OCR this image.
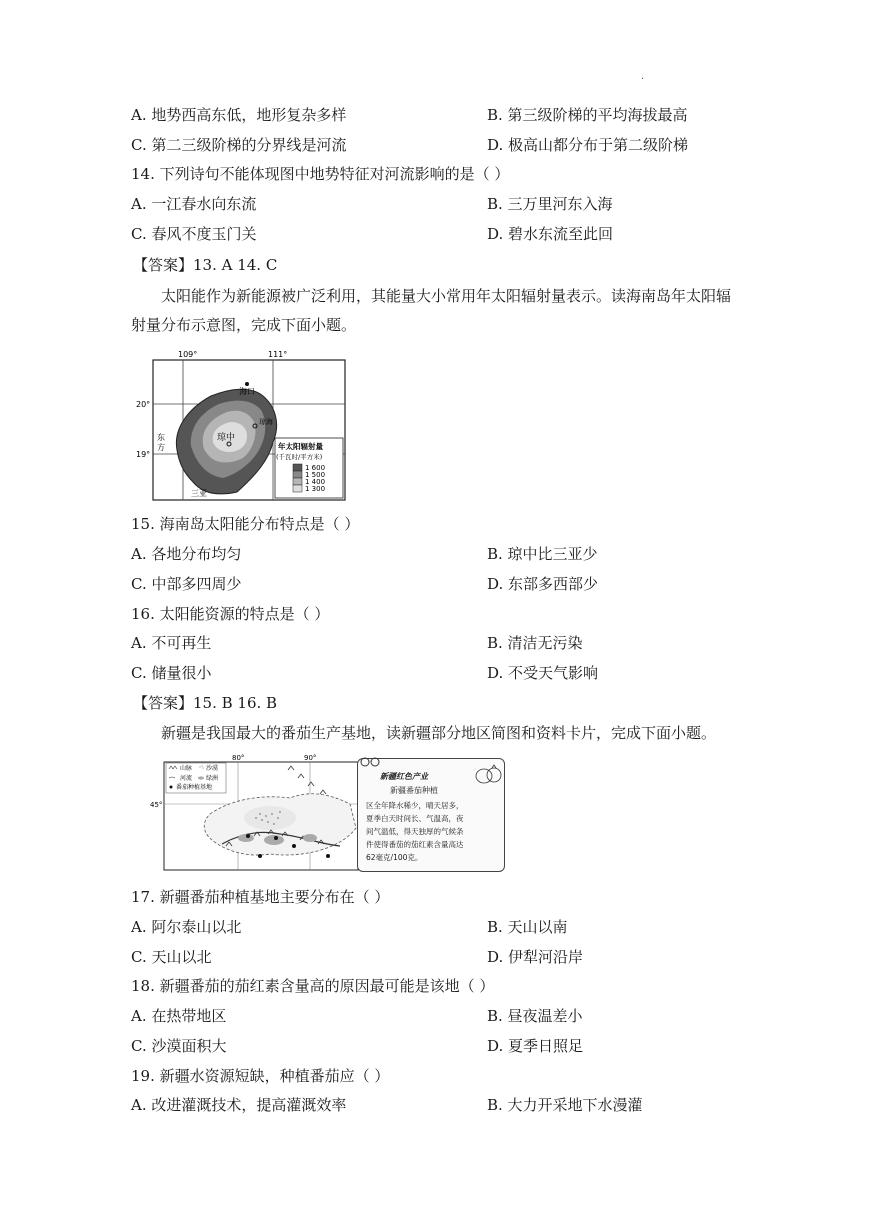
·
A. 地势西高东低，地形复杂多样	B. 第三级阶梯的平均海拔最高
C. 第二三级阶梯的分界线是河流	D. 极高山都分布于第二级阶梯
14. 下列诗句不能体现图中地势特征对河流影响的是（ ）
A. 一江春水向东流	B. 三万里河东入海
C. 春风不度玉门关	D. 碧水东流至此回
【答案】13. A 14. C
太阳能作为新能源被广泛利用，其能量大小常用年太阳辐射量表示。读海南岛年太阳辐
射量分布示意图，完成下面小题。
109°	111°
20°
19°
海口
琼中
琼海
东
方
三亚
年太阳辐射量
(千瓦时/平方米)
1 600
1 500
1 400
1 300
15. 海南岛太阳能分布特点是（ ）
A. 各地分布均匀	B. 琼中比三亚少
C. 中部多四周少	D. 东部多西部少
16. 太阳能资源的特点是（ ）
A. 不可再生	B. 清洁无污染
C. 储量很小	D. 不受天气影响
【答案】15. B 16. B
新疆是我国最大的番茄生产基地，读新疆部分地区简图和资料卡片，完成下面小题。
山脉 沙漠
河流 绿洲
番茄种植基地
80°	90°
45°
新疆红色产业
新疆番茄种植
区全年降水稀少，晴天居多，
夏季白天时间长、气温高，夜
间气温低，得天独厚的气候条
件使得番茄的茄红素含量高达
62毫克/100克。
17. 新疆番茄种植基地主要分布在（ ）
A. 阿尔泰山以北	B. 天山以南
C. 天山以北	D. 伊犁河沿岸
18. 新疆番茄的茄红素含量高的原因最可能是该地（ ）
A. 在热带地区	B. 昼夜温差小
C. 沙漠面积大	D. 夏季日照足
19. 新疆水资源短缺，种植番茄应（ ）
A. 改进灌溉技术，提高灌溉效率	B. 大力开采地下水漫灌
